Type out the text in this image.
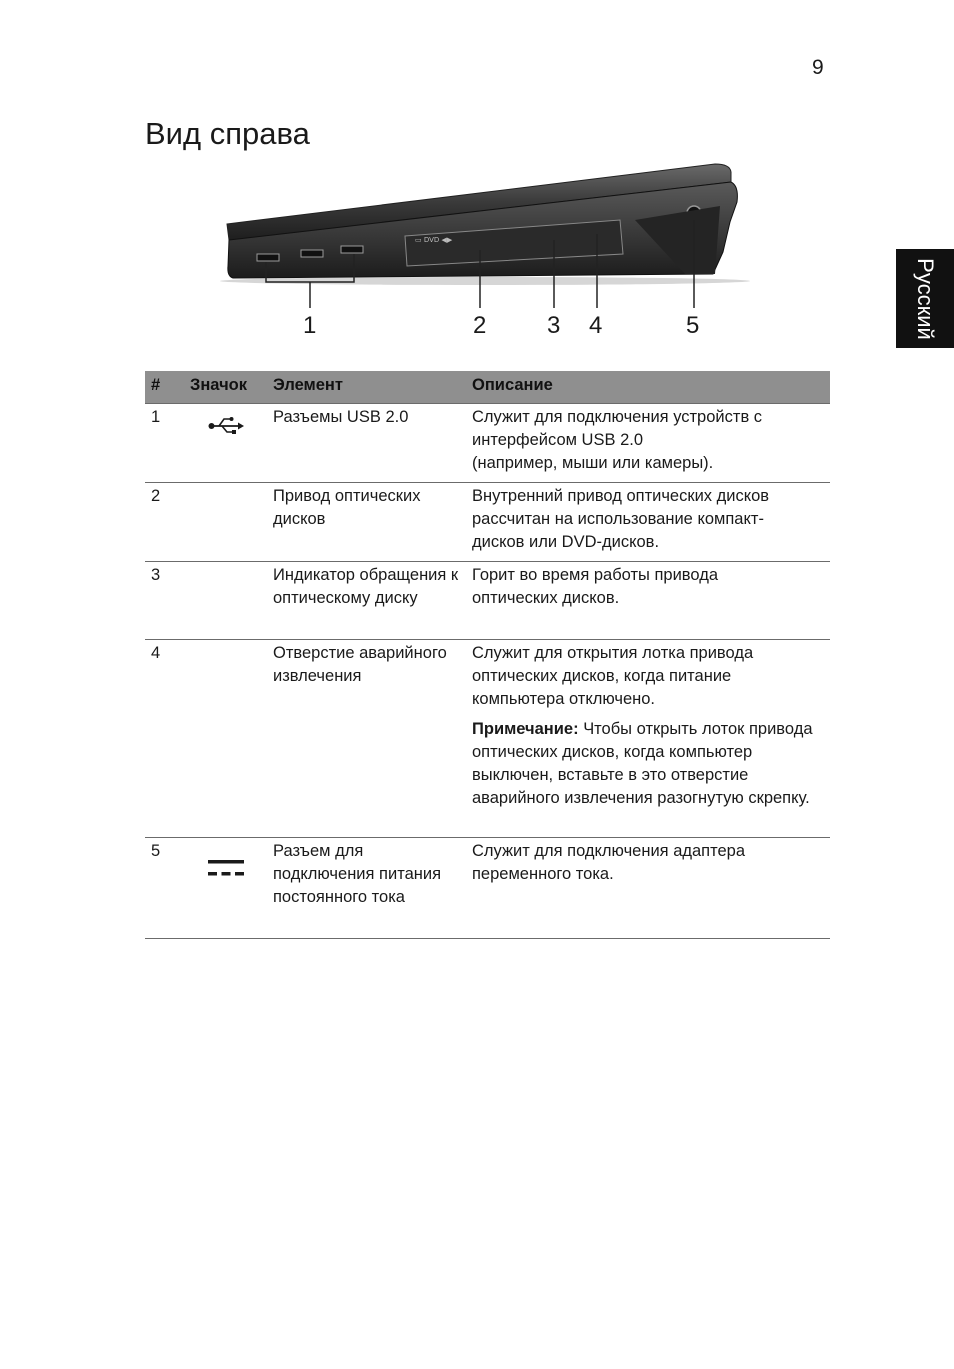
9
Вид справа
Русский
▭ DVD ◀▶
1	2	3 4	5
#	Значок	Элемент	Описание
1		Разъемы USB 2.0	Служит для подключения устройств с
интерфейсом USB 2.0
(например, мыши или камеры).

2		Привод оптических дисков	Внутренний привод оптических дисков
рассчитан на использование компакт-
дисков или DVD-дисков.

3		Индикатор обращения к оптическому диску	Горит во время работы привода
оптических дисков.

4		Отверстие аварийного извлечения	Служит для открытия лотка привода
оптических дисков, когда питание
компьютера отключено.
Примечание: Чтобы открыть лоток привода оптических дисков, когда компьютер выключен, вставьте в это отверстие аварийного извлечения разогнутую скрепку.

5		Разъем для подключения питания постоянного тока	Служит для подключения адаптера
переменного тока.
